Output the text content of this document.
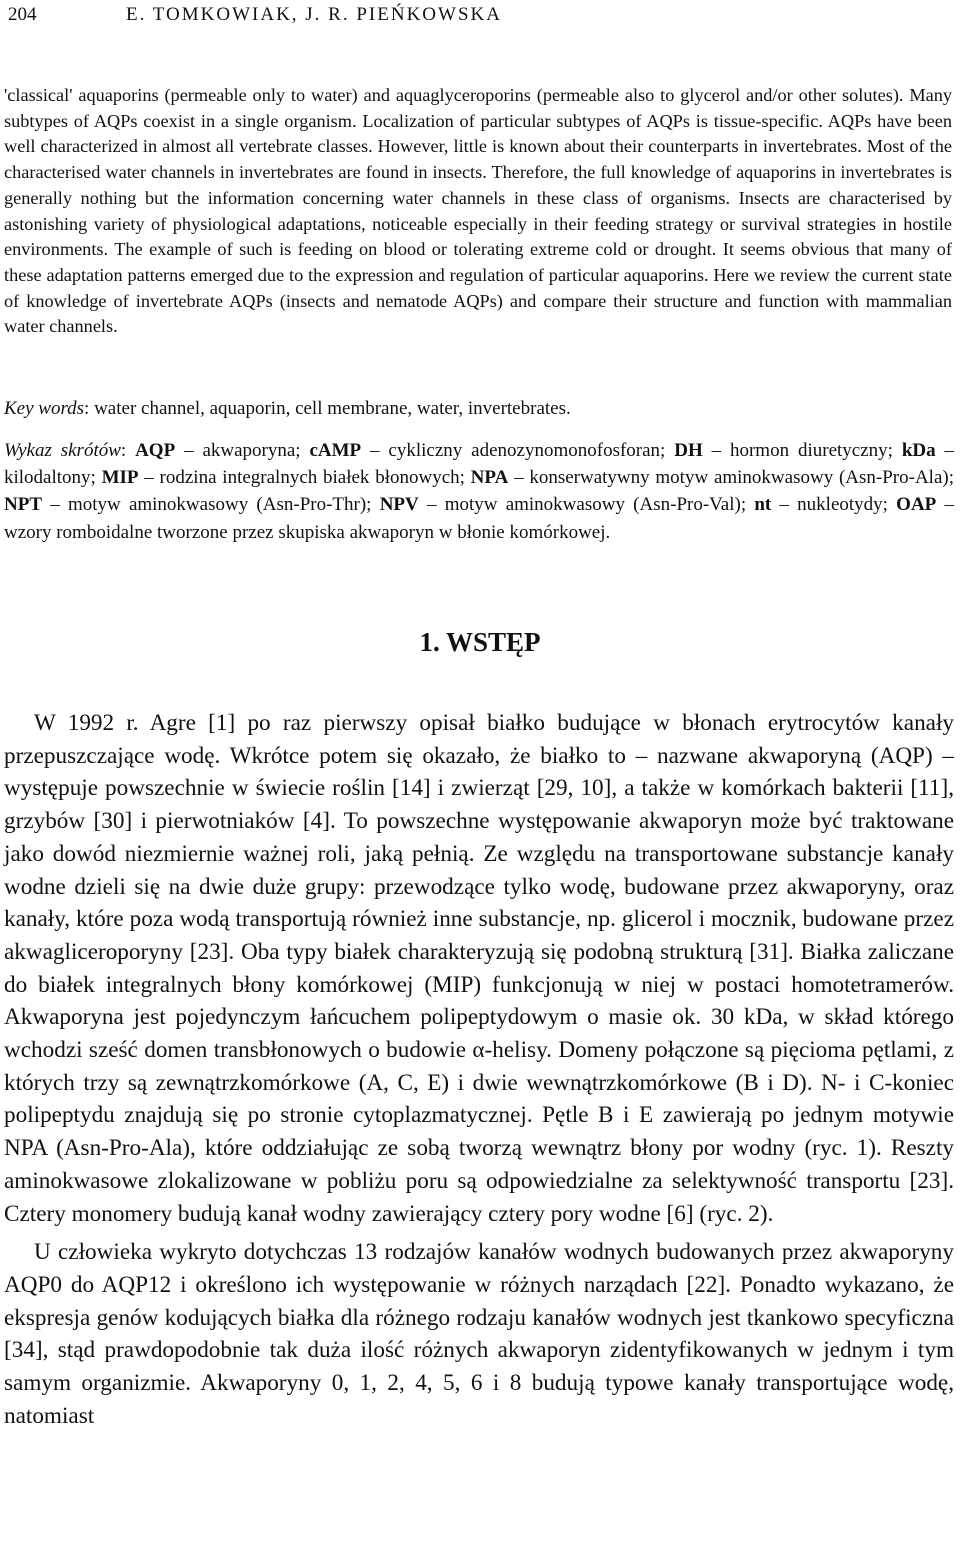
204	E. TOMKOWIAK, J. R. PIEŃKOWSKA

'classical' aquaporins (permeable only to water) and aquaglyceroporins (permeable also to glycerol and/or other solutes). Many subtypes of AQPs coexist in a single organism. Localization of particular subtypes of AQPs is tissue-specific. AQPs have been well characterized in almost all vertebrate classes. However, little is known about their counterparts in invertebrates. Most of the characterised water channels in invertebrates are found in insects. Therefore, the full knowledge of aquaporins in invertebrates is generally nothing but the information concerning water channels in these class of organisms. Insects are characterised by astonishing variety of physiological adaptations, noticeable especially in their feeding strategy or survival strategies in hostile environments. The example of such is feeding on blood or tolerating extreme cold or drought. It seems obvious that many of these adaptation patterns emerged due to the expression and regulation of particular aquaporins. Here we review the current state of knowledge of invertebrate AQPs (insects and nematode AQPs) and compare their structure and function with mammalian water channels.

Key words: water channel, aquaporin, cell membrane, water, invertebrates.
Wykaz skrótów: AQP – akwaporyna; cAMP – cykliczny adenozynomonofosforan; DH – hormon diuretyczny; kDa – kilodaltony; MIP – rodzina integralnych białek błonowych; NPA – konserwatywny motyw aminokwasowy (Asn-Pro-Ala); NPT – motyw aminokwasowy (Asn-Pro-Thr); NPV – motyw aminokwasowy (Asn-Pro-Val); nt – nukleotydy; OAP – wzory romboidalne tworzone przez skupiska akwaporyn w błonie komórkowej.
1. WSTĘP

W 1992 r. Agre [1] po raz pierwszy opisał białko budujące w błonach erytrocytów kanały przepuszczające wodę. Wkrótce potem się okazało, że białko to – nazwane akwaporyną (AQP) – występuje powszechnie w świecie roślin [14] i zwierząt [29, 10], a także w komórkach bakterii [11], grzybów [30] i pierwotniaków [4]. To powszechne występowanie akwaporyn może być traktowane jako dowód niezmiernie ważnej roli, jaką pełnią. Ze względu na transportowane substancje kanały wodne dzieli się na dwie duże grupy: przewodzące tylko wodę, budowane przez akwaporyny, oraz kanały, które poza wodą transportują również inne substancje, np. glicerol i mocznik, budowane przez akwagliceroporyny [23]. Oba typy białek charakteryzują się podobną strukturą [31]. Białka zaliczane do białek integralnych błony komórkowej (MIP) funkcjonują w niej w postaci homotetramerów. Akwaporyna jest pojedynczym łańcuchem polipeptydowym o masie ok. 30 kDa, w skład którego wchodzi sześć domen transbłonowych o budowie α-helisy. Domeny połączone są pięcioma pętlami, z których trzy są zewnątrzkomórkowe (A, C, E) i dwie wewnątrzkomórkowe (B i D). N- i C-koniec polipeptydu znajdują się po stronie cytoplazmatycznej. Pętle B i E zawierają po jednym motywie NPA (Asn-Pro-Ala), które oddziałując ze sobą tworzą wewnątrz błony por wodny (ryc. 1). Reszty aminokwasowe zlokalizowane w pobliżu poru są odpowiedzialne za selektywność transportu [23]. Cztery monomery budują kanał wodny zawierający cztery pory wodne [6] (ryc. 2).

U człowieka wykryto dotychczas 13 rodzajów kanałów wodnych budowanych przez akwaporyny AQP0 do AQP12 i określono ich występowanie w różnych narządach [22]. Ponadto wykazano, że ekspresja genów kodujących białka dla różnego rodzaju kanałów wodnych jest tkankowo specyficzna [34], stąd prawdopodobnie tak duża ilość różnych akwaporyn zidentyfikowanych w jednym i tym samym organizmie. Akwaporyny 0, 1, 2, 4, 5, 6 i 8 budują typowe kanały transportujące wodę, natomiast
